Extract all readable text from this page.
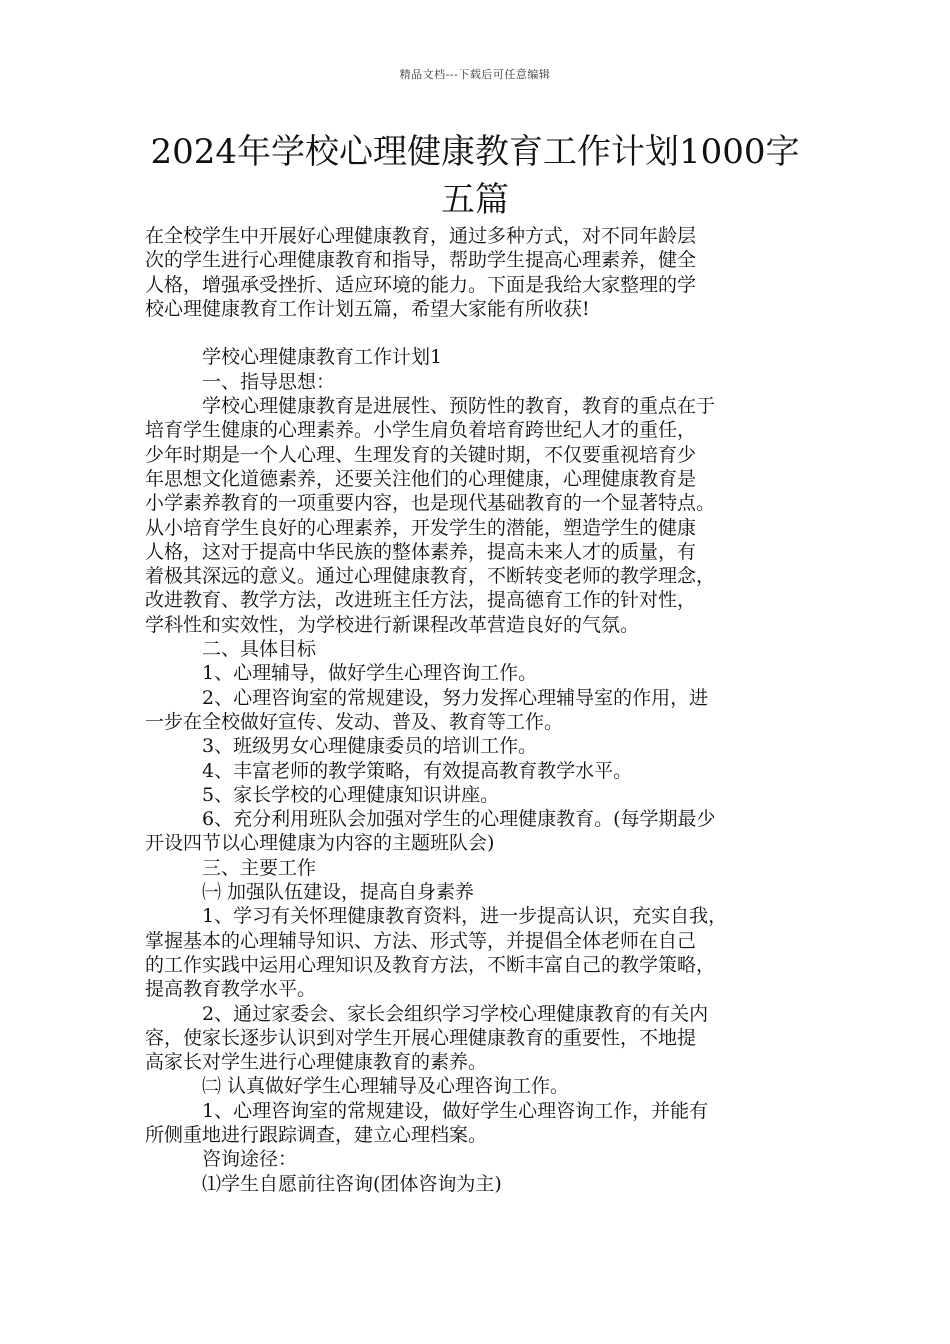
精品文档---下载后可任意编辑
2024年学校心理健康教育工作计划1000字
五篇

在全校学生中开展好心理健康教育，通过多种方式，对不同年龄层

次的学生进行心理健康教育和指导，帮助学生提高心理素养，健全

人格，增强承受挫折、适应环境的能力。下面是我给大家整理的学

校心理健康教育工作计划五篇，希望大家能有所收获!

学校心理健康教育工作计划1

一、指导思想：

学校心理健康教育是进展性、预防性的教育，教育的重点在于

培育学生健康的心理素养。小学生肩负着培育跨世纪人才的重任，

少年时期是一个人心理、生理发育的关键时期，不仅要重视培育少

年思想文化道德素养，还要关注他们的心理健康，心理健康教育是

小学素养教育的一项重要内容，也是现代基础教育的一个显著特点。

从小培育学生良好的心理素养，开发学生的潜能，塑造学生的健康

人格，这对于提高中华民族的整体素养，提高未来人才的质量，有

着极其深远的意义。通过心理健康教育，不断转变老师的教学理念，

改进教育、教学方法，改进班主任方法，提高德育工作的针对性，

学科性和实效性，为学校进行新课程改革营造良好的气氛。

二、具体目标

1、心理辅导，做好学生心理咨询工作。

2、心理咨询室的常规建设，努力发挥心理辅导室的作用，进

一步在全校做好宣传、发动、普及、教育等工作。

3、班级男女心理健康委员的培训工作。

4、丰富老师的教学策略，有效提高教育教学水平。

5、家长学校的心理健康知识讲座。

6、充分利用班队会加强对学生的心理健康教育。(每学期最少

开设四节以心理健康为内容的主题班队会)

三、主要工作

㈠ 加强队伍建设，提高自身素养

1、学习有关怀理健康教育资料，进一步提高认识，充实自我，

掌握基本的心理辅导知识、方法、形式等，并提倡全体老师在自己

的工作实践中运用心理知识及教育方法，不断丰富自己的教学策略，

提高教育教学水平。

2、通过家委会、家长会组织学习学校心理健康教育的有关内

容，使家长逐步认识到对学生开展心理健康教育的重要性，不地提

高家长对学生进行心理健康教育的素养。

㈡ 认真做好学生心理辅导及心理咨询工作。

1、心理咨询室的常规建设，做好学生心理咨询工作，并能有

所侧重地进行跟踪调查，建立心理档案。

咨询途径：

⑴学生自愿前往咨询(团体咨询为主)
